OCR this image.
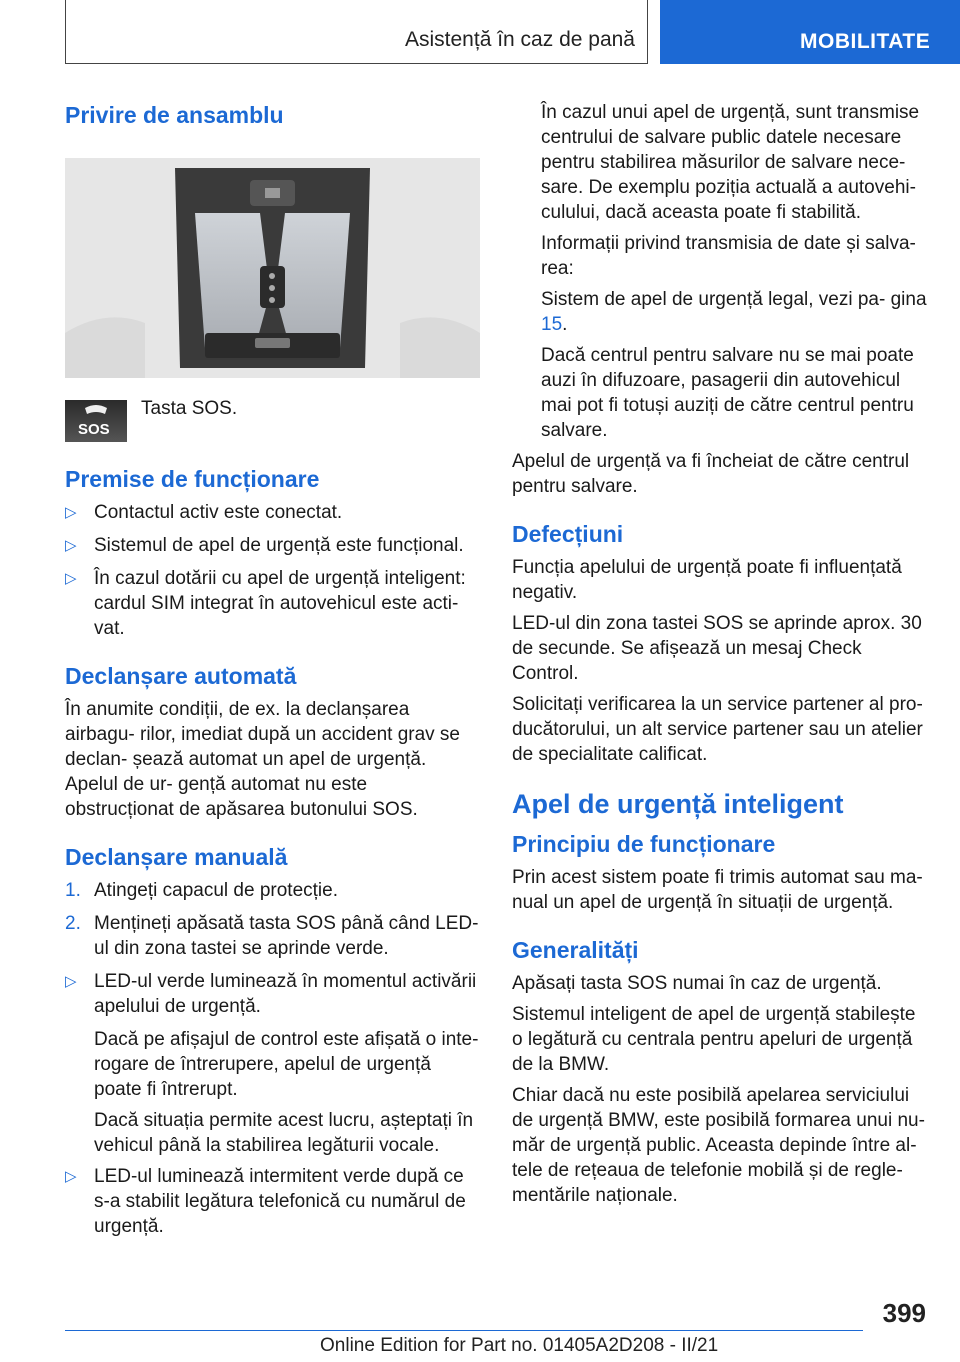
Asistență în caz de pană	MOBILITATE
Privire de ansamblu
SOS
Tasta SOS.
Premise de funcționare
▷ Contactul activ este conectat.
▷ Sistemul de apel de urgență este funcțional.
▷ În cazul dotării cu apel de urgență inteligent: cardul SIM integrat în autovehicul este acti‐ vat.
Declanșare automată

În anumite condiții, de ex. la declanșarea airbagu‐ rilor, imediat după un accident grav se declan‐ șează automat un apel de urgență. Apelul de ur‐ gență automat nu este obstrucționat de apăsarea butonului SOS.

Declanșare manuală
1. Atingeți capacul de protecție.
2. Mențineți apăsată tasta SOS până când LED- ul din zona tastei se aprinde verde.
▷ LED-ul verde luminează în momentul activării apelului de urgență.

Dacă pe afișajul de control este afișată o inte‐ rogare de întrerupere, apelul de urgență poate fi întrerupt.

Dacă situația permite acest lucru, așteptați în vehicul până la stabilirea legăturii vocale.

▷ LED-ul luminează intermitent verde după ce s-a stabilit legătura telefonică cu numărul de urgență.

În cazul unui apel de urgență, sunt transmise centrului de salvare public datele necesare pentru stabilirea măsurilor de salvare nece‐ sare. De exemplu poziția actuală a autovehi‐ culului, dacă aceasta poate fi stabilită.

Informații privind transmisia de date și salva‐ rea:

Sistem de apel de urgență legal, vezi pa‐ gina 15.

Dacă centrul pentru salvare nu se mai poate auzi în difuzoare, pasagerii din autovehicul mai pot fi totuși auziți de către centrul pentru salvare.

Apelul de urgență va fi încheiat de către centrul pentru salvare.

Defecțiuni

Funcția apelului de urgență poate fi influențată negativ.

LED-ul din zona tastei SOS se aprinde aprox. 30 de secunde. Se afișează un mesaj Check Control.

Solicitați verificarea la un service partener al pro‐ ducătorului, un alt service partener sau un atelier de specialitate calificat.

Apel de urgență inteligent
Principiu de funcționare

Prin acest sistem poate fi trimis automat sau ma‐ nual un apel de urgență în situații de urgență.

Generalități

Apăsați tasta SOS numai în caz de urgență.

Sistemul inteligent de apel de urgență stabilește o legătură cu centrala pentru apeluri de urgență de la BMW.

Chiar dacă nu este posibilă apelarea serviciului de urgență BMW, este posibilă formarea unui nu‐ măr de urgență public. Aceasta depinde între al‐ tele de rețeaua de telefonie mobilă și de regle‐ mentările naționale.

399
Online Edition for Part no. 01405A2D208 - II/21
